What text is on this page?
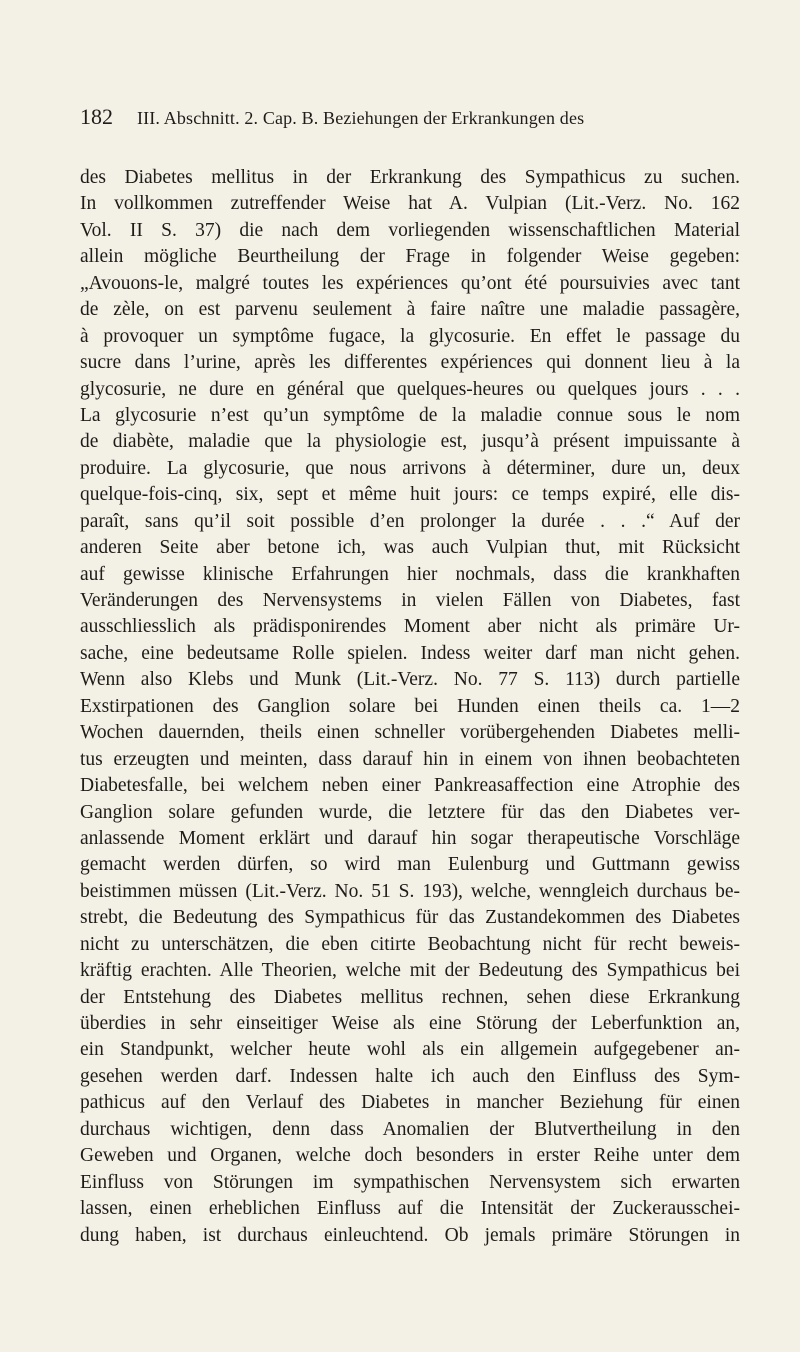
182 III. Abschnitt. 2. Cap. B. Beziehungen der Erkrankungen des
des Diabetes mellitus in der Erkrankung des Sympathicus zu suchen.
In vollkommen zutreffender Weise hat A. Vulpian (Lit.-Verz. No. 162
Vol. II S. 37) die nach dem vorliegenden wissenschaftlichen Material
allein mögliche Beurtheilung der Frage in folgender Weise gegeben:
„Avouons-le, malgré toutes les expériences qu’ont été poursuivies avec tant
de zèle, on est parvenu seulement à faire naître une maladie passagère,
à provoquer un symptôme fugace, la glycosurie. En effet le passage du
sucre dans l’urine, après les differentes expériences qui donnent lieu à la
glycosurie, ne dure en général que quelques-heures ou quelques jours . . .
La glycosurie n’est qu’un symptôme de la maladie connue sous le nom
de diabète, maladie que la physiologie est, jusqu’à présent impuissante à
produire. La glycosurie, que nous arrivons à déterminer, dure un, deux
quelque-fois-cinq, six, sept et même huit jours: ce temps expiré, elle dis-
paraît, sans qu’il soit possible d’en prolonger la durée . . .“ Auf der
anderen Seite aber betone ich, was auch Vulpian thut, mit Rücksicht
auf gewisse klinische Erfahrungen hier nochmals, dass die krankhaften
Veränderungen des Nervensystems in vielen Fällen von Diabetes, fast
ausschliesslich als prädisponirendes Moment aber nicht als primäre Ur-
sache, eine bedeutsame Rolle spielen. Indess weiter darf man nicht gehen.
Wenn also Klebs und Munk (Lit.-Verz. No. 77 S. 113) durch partielle
Exstirpationen des Ganglion solare bei Hunden einen theils ca. 1—2
Wochen dauernden, theils einen schneller vorübergehenden Diabetes melli-
tus erzeugten und meinten, dass darauf hin in einem von ihnen beobachteten
Diabetesfalle, bei welchem neben einer Pankreasaffection eine Atrophie des
Ganglion solare gefunden wurde, die letztere für das den Diabetes ver-
anlassende Moment erklärt und darauf hin sogar therapeutische Vorschläge
gemacht werden dürfen, so wird man Eulenburg und Guttmann gewiss
beistimmen müssen (Lit.-Verz. No. 51 S. 193), welche, wenngleich durchaus be-
strebt, die Bedeutung des Sympathicus für das Zustandekommen des Diabetes
nicht zu unterschätzen, die eben citirte Beobachtung nicht für recht beweis-
kräftig erachten. Alle Theorien, welche mit der Bedeutung des Sympathicus bei
der Entstehung des Diabetes mellitus rechnen, sehen diese Erkrankung
überdies in sehr einseitiger Weise als eine Störung der Leberfunktion an,
ein Standpunkt, welcher heute wohl als ein allgemein aufgegebener an-
gesehen werden darf. Indessen halte ich auch den Einfluss des Sym-
pathicus auf den Verlauf des Diabetes in mancher Beziehung für einen
durchaus wichtigen, denn dass Anomalien der Blutvertheilung in den
Geweben und Organen, welche doch besonders in erster Reihe unter dem
Einfluss von Störungen im sympathischen Nervensystem sich erwarten
lassen, einen erheblichen Einfluss auf die Intensität der Zuckerausschei-
dung haben, ist durchaus einleuchtend. Ob jemals primäre Störungen in
